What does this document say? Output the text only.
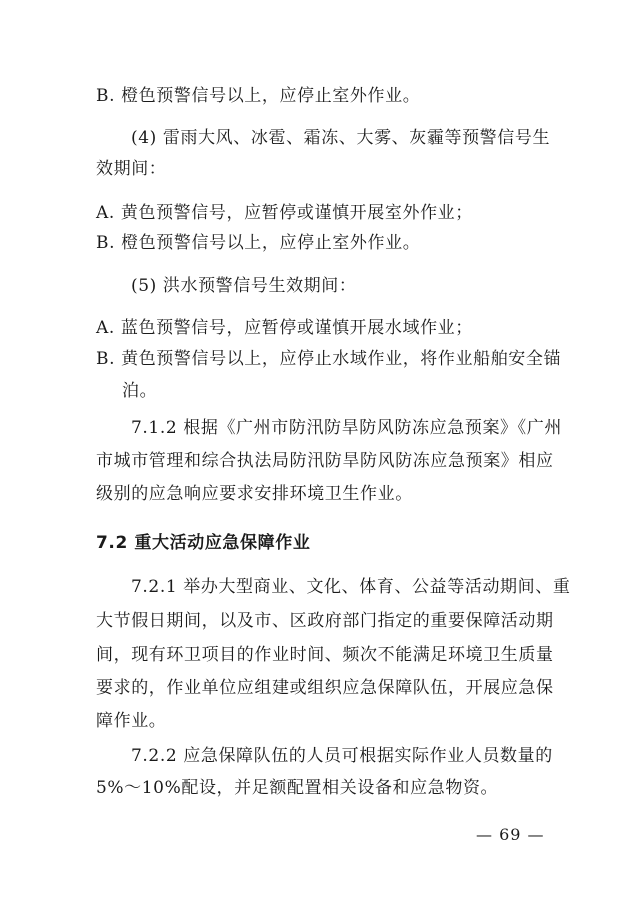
B. 橙色预警信号以上，应停止室外作业。
(4) 雷雨大风、冰雹、霜冻、大雾、灰霾等预警信号生
效期间：
A. 黄色预警信号，应暂停或谨慎开展室外作业；
B. 橙色预警信号以上，应停止室外作业。
(5) 洪水预警信号生效期间：
A. 蓝色预警信号，应暂停或谨慎开展水域作业；
B. 黄色预警信号以上，应停止水域作业，将作业船舶安全锚
泊。
7.1.2 根据《广州市防汛防旱防风防冻应急预案》《广州
市城市管理和综合执法局防汛防旱防风防冻应急预案》相应
级别的应急响应要求安排环境卫生作业。
7.2 重大活动应急保障作业
7.2.1 举办大型商业、文化、体育、公益等活动期间、重
大节假日期间，以及市、区政府部门指定的重要保障活动期
间，现有环卫项目的作业时间、频次不能满足环境卫生质量
要求的，作业单位应组建或组织应急保障队伍，开展应急保
障作业。
7.2.2 应急保障队伍的人员可根据实际作业人员数量的
5%～10%配设，并足额配置相关设备和应急物资。
— 69 —
